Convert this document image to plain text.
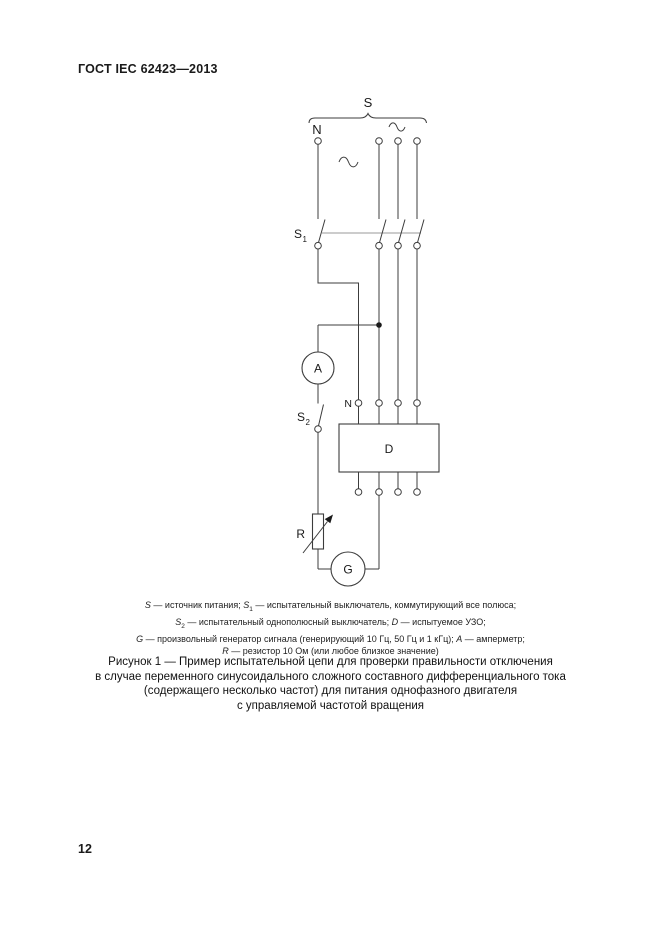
ГОСТ IEC 62423—2013
S
N
S 1
A
S 2
R
G
N
D
S — источник питания; $S_1$ — испытательный выключатель, коммутирующий все полюса;
$S_2$ — испытательный однополюсный выключатель; D — испытуемое УЗО;
G — произвольный генератор сигнала (генерирующий 10 Гц, 50 Гц и 1 кГц); A — амперметр;
R — резистор 10 Ом (или любое близкое значение)
Рисунок 1 — Пример испытательной цепи для проверки правильности отключения
в случае переменного синусоидального сложного составного дифференциального тока
(содержащего несколько частот) для питания однофазного двигателя
с управляемой частотой вращения
12
